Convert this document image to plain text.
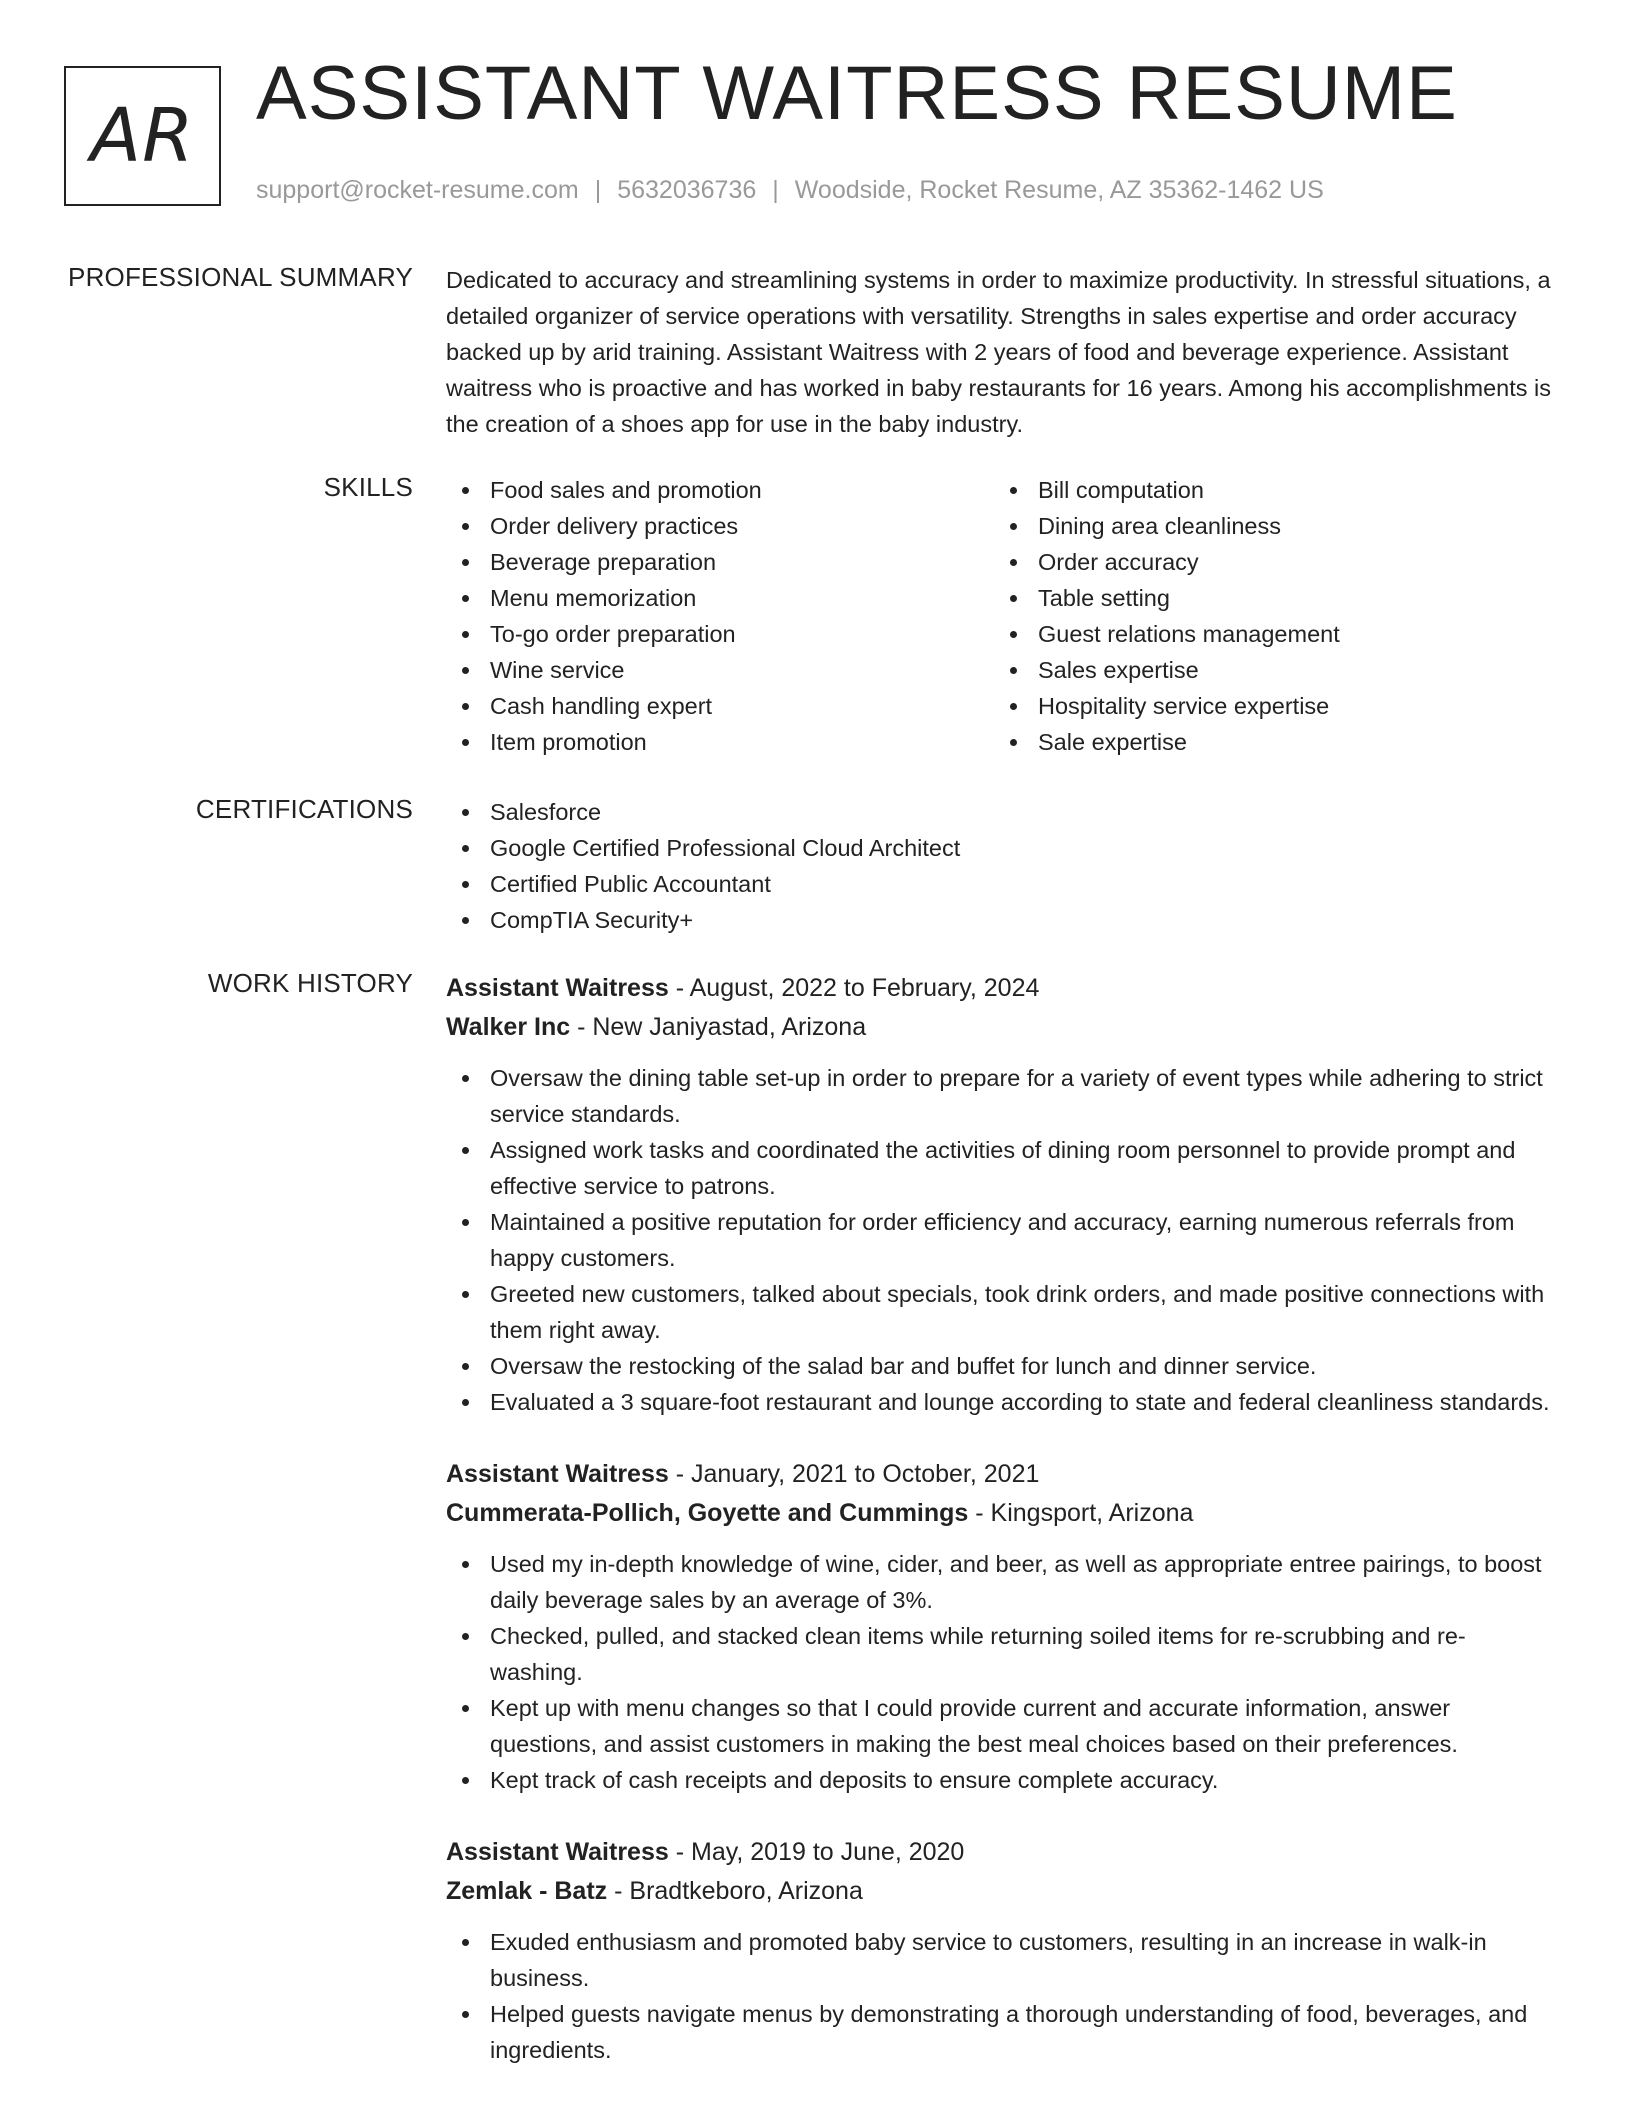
AR ASSISTANT WAITRESS RESUME
support@rocket-resume.com | 5632036736 | Woodside, Rocket Resume, AZ 35362-1462 US
PROFESSIONAL SUMMARY Dedicated to accuracy and streamlining systems in order to maximize productivity. In stressful situations, a detailed organizer of service operations with versatility. Strengths in sales expertise and order accuracy backed up by arid training. Assistant Waitress with 2 years of food and beverage experience. Assistant waitress who is proactive and has worked in baby restaurants for 16 years. Among his accomplishments is the creation of a shoes app for use in the baby industry.

SKILLS	Food sales and promotion
Order delivery practices
Beverage preparation
Menu memorization
To-go order preparation
Wine service
Cash handling expert
Item promotion
Bill computation
Dining area cleanliness
Order accuracy
Table setting
Guest relations management
Sales expertise
Hospitality service expertise
Sale expertise
CERTIFICATIONS	Salesforce
Google Certified Professional Cloud Architect
Certified Public Accountant
CompTIA Security+
WORK HISTORY Assistant Waitress - August, 2022 to February, 2024
Walker Inc - New Janiyastad, Arizona
Oversaw the dining table set-up in order to prepare for a variety of event types while adhering to strict service standards.
Assigned work tasks and coordinated the activities of dining room personnel to provide prompt and effective service to patrons.
Maintained a positive reputation for order efficiency and accuracy, earning numerous referrals from happy customers.
Greeted new customers, talked about specials, took drink orders, and made positive connections with them right away.
Oversaw the restocking of the salad bar and buffet for lunch and dinner service.
Evaluated a 3 square-foot restaurant and lounge according to state and federal cleanliness standards.
Assistant Waitress - January, 2021 to October, 2021
Cummerata-Pollich, Goyette and Cummings - Kingsport, Arizona
Used my in-depth knowledge of wine, cider, and beer, as well as appropriate entree pairings, to boost daily beverage sales by an average of 3%.
Checked, pulled, and stacked clean items while returning soiled items for re-scrubbing and re-washing.
Kept up with menu changes so that I could provide current and accurate information, answer questions, and assist customers in making the best meal choices based on their preferences.
Kept track of cash receipts and deposits to ensure complete accuracy.
Assistant Waitress - May, 2019 to June, 2020
Zemlak - Batz - Bradtkeboro, Arizona
Exuded enthusiasm and promoted baby service to customers, resulting in an increase in walk-in business.
Helped guests navigate menus by demonstrating a thorough understanding of food, beverages, and ingredients.
